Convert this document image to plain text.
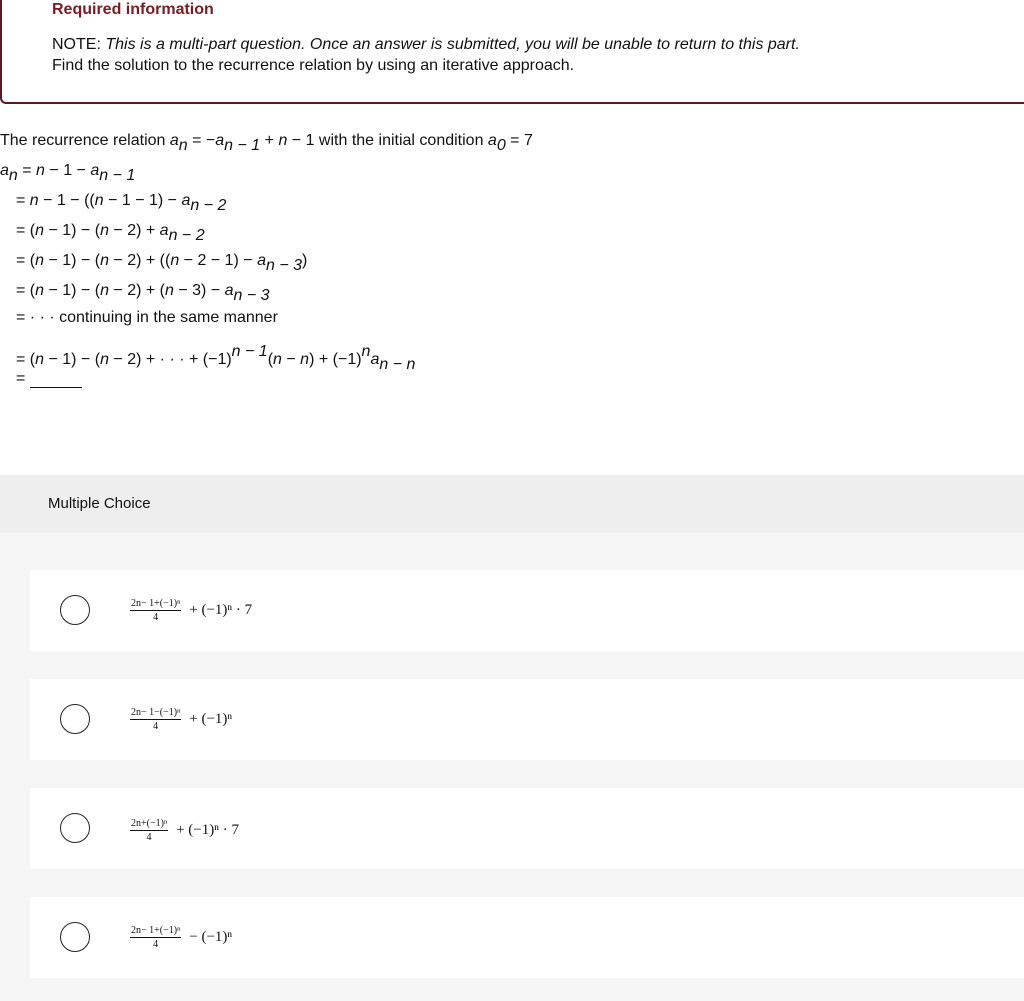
Required information
NOTE: This is a multi-part question. Once an answer is submitted, you will be unable to return to this part.
Find the solution to the recurrence relation by using an iterative approach.
The recurrence relation $a_n = -a_{n - 1} + n - 1$ with the initial condition $a_0 = 7$
$a_n = n - 1 - a_{n - 1}$
= $n - 1 - ((n - 1 - 1) - a_{n - 2}$
= $(n - 1) - (n - 2) + a_{n - 2}$
= $(n - 1) - (n - 2) + ((n - 2 - 1) - a_{n - 3})$
= $(n - 1) - (n - 2) + (n - 3) - a_{n - 3}$
= · · · continuing in the same manner
= (n − 1) − (n − 2) + · · · + $(-1)^{n - 1}(n - n) + (-1)^na_{n - n}$
=
Multiple Choice
$\frac{\text{2n− 1+(−1)ⁿ}}{4} + (-1)^n \cdot 7$
$\frac{\text{2n− 1−(−1)ⁿ}}{4} + (-1)^n$
$\frac{\text{2n+(−1)ⁿ}}{4} + (-1)^n \cdot 7$
$\frac{\text{2n− 1+(−1)ⁿ}}{4} - (-1)^n$
